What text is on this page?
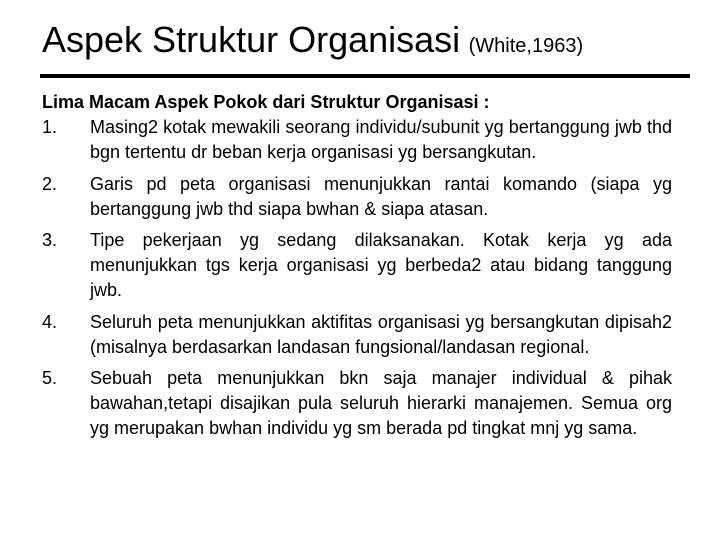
Aspek Struktur Organisasi (White,1963)
Lima Macam Aspek Pokok dari Struktur Organisasi :
1.	Masing2 kotak mewakili seorang individu/subunit yg bertanggung jwb thd bgn tertentu dr beban kerja organisasi yg bersangkutan.
2.	Garis pd peta organisasi menunjukkan rantai komando (siapa yg bertanggung jwb thd siapa bwhan & siapa atasan.
3.	Tipe pekerjaan yg sedang dilaksanakan. Kotak kerja yg ada menunjukkan tgs kerja organisasi yg berbeda2 atau bidang tanggung jwb.
4.	Seluruh peta menunjukkan aktifitas organisasi yg bersangkutan dipisah2 (misalnya berdasarkan landasan fungsional/landasan regional.
5.	Sebuah peta menunjukkan bkn saja manajer individual & pihak bawahan,tetapi disajikan pula seluruh hierarki manajemen. Semua org yg merupakan bwhan individu yg sm berada pd tingkat mnj yg sama.
